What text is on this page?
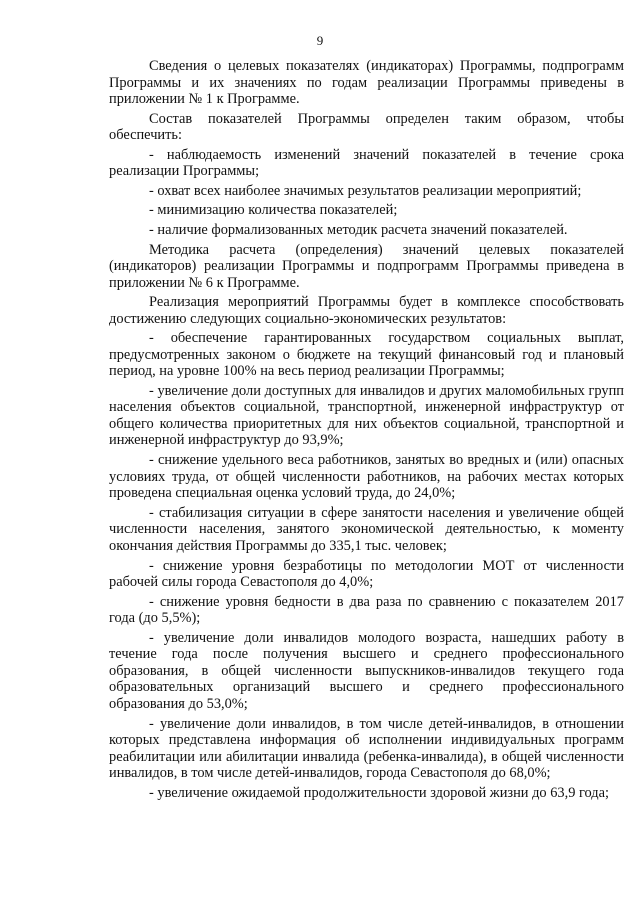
9

Сведения о целевых показателях (индикаторах) Программы, подпрограмм Программы и их значениях по годам реализации Программы приведены в приложении № 1 к Программе.

Состав показателей Программы определен таким образом, чтобы обеспечить:

- наблюдаемость изменений значений показателей в течение срока реализации Программы;

- охват всех наиболее значимых результатов реализации мероприятий;

- минимизацию количества показателей;

- наличие формализованных методик расчета значений показателей.

Методика расчета (определения) значений целевых показателей (индикаторов) реализации Программы и подпрограмм Программы приведена в приложении № 6 к Программе.

Реализация мероприятий Программы будет в комплексе способствовать достижению следующих социально-экономических результатов:

- обеспечение гарантированных государством социальных выплат, предусмотренных законом о бюджете на текущий финансовый год и плановый период, на уровне 100% на весь период реализации Программы;

- увеличение доли доступных для инвалидов и других маломобильных групп населения объектов социальной, транспортной, инженерной инфраструктур от общего количества приоритетных для них объектов социальной, транспортной и инженерной инфраструктур до 93,9%;

- снижение удельного веса работников, занятых во вредных и (или) опасных условиях труда, от общей численности работников, на рабочих местах которых проведена специальная оценка условий труда, до 24,0%;

- стабилизация ситуации в сфере занятости населения и увеличение общей численности населения, занятого экономической деятельностью, к моменту окончания действия Программы до 335,1 тыс. человек;

- снижение уровня безработицы по методологии МОТ от численности рабочей силы города Севастополя до 4,0%;

- снижение уровня бедности в два раза по сравнению с показателем 2017 года (до 5,5%);

- увеличение доли инвалидов молодого возраста, нашедших работу в течение года после получения высшего и среднего профессионального образования, в общей численности выпускников-инвалидов текущего года образовательных организаций высшего и среднего профессионального образования до 53,0%;

- увеличение доли инвалидов, в том числе детей-инвалидов, в отношении которых представлена информация об исполнении индивидуальных программ реабилитации или абилитации инвалида (ребенка-инвалида), в общей численности инвалидов, в том числе детей-инвалидов, города Севастополя до 68,0%;

- увеличение ожидаемой продолжительности здоровой жизни до 63,9 года;
